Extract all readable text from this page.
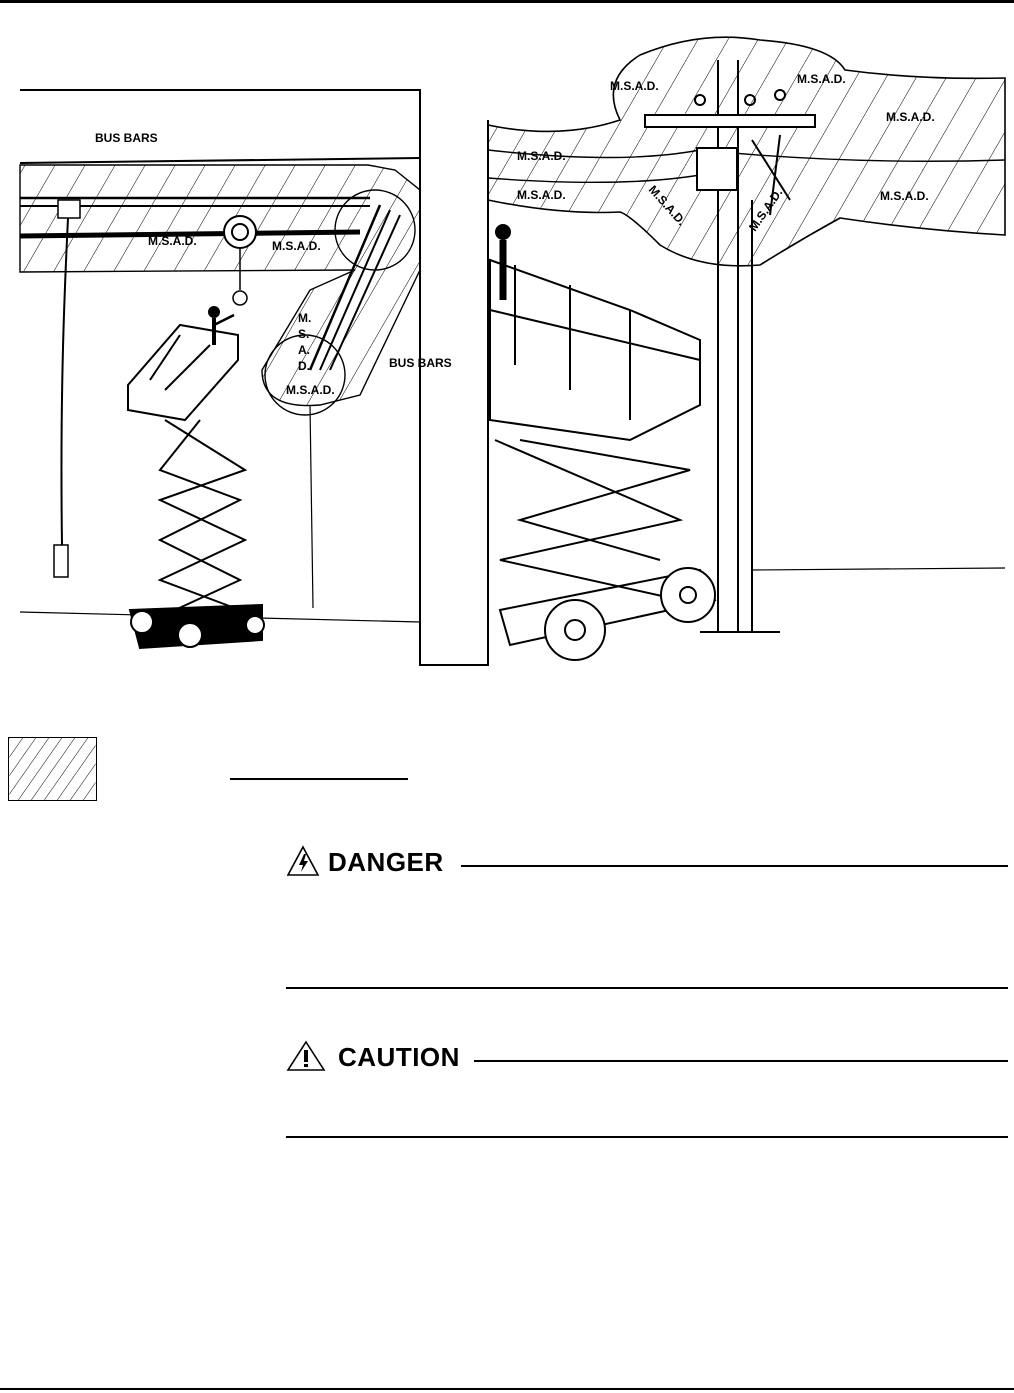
BUS BARS
BUS BARS
M.S.A.D.	M.S.A.D.
M.S.A.D.
M.
S.
A.
D.
M.S.A.D.
M.S.A.D.
M.S.A.D.	M.S.A.D.
M.S.A.D.
M.S.A.D.
M.S.A.D.	M.S.A.D.
DANGER
CAUTION
